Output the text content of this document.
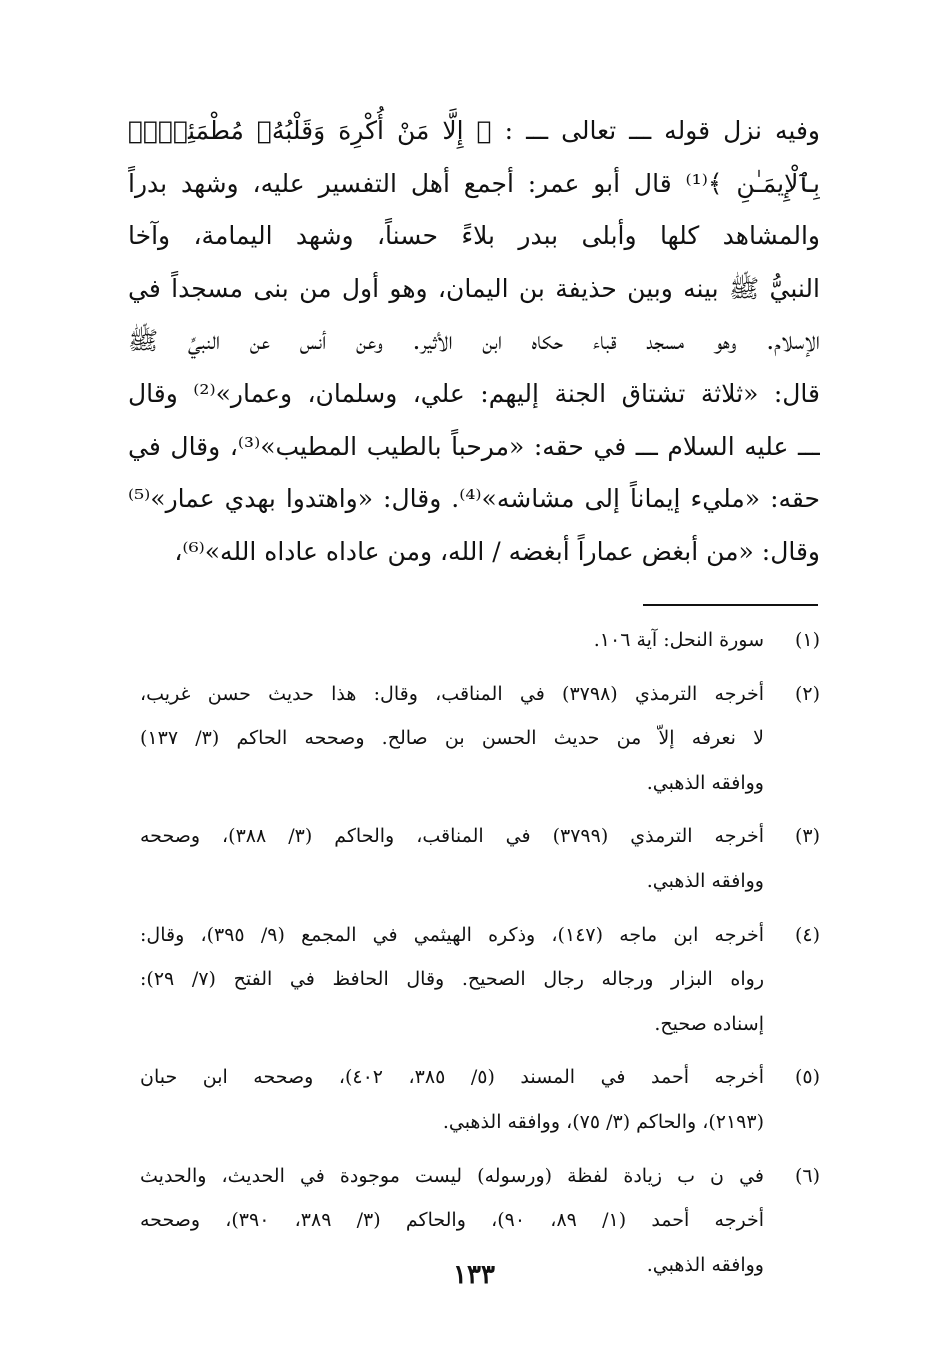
وفيه نزل قوله ـــ تعالى ـــ : ﴿ إِلَّا مَنْ أُكْرِهَ وَقَلْبُهُۥ مُطْمَئِنٌّۢ
بِٱلْإِيمَـٰنِ ﴾⁽¹⁾ قال أبو عمر: أجمع أهل التفسير عليه، وشهد بدراً
والمشاهد كلها وأبلى ببدر بلاءً حسناً، وشهد اليمامة، وآخا
النبيُّ ﷺ بينه وبين حذيفة بن اليمان، وهو أول من بنى مسجداً في
الإسلام. وهو مسجد قباء حكاه ابن الأثير. وعن أنس عن النبيِّ ﷺ
قال: «ثلاثة تشتاق الجنة إليهم: علي، وسلمان، وعمار»⁽²⁾ وقال
ـــ عليه السلام ـــ في حقه: «مرحباً بالطيب المطيب»⁽³⁾، وقال في
حقه: «مليء إيماناً إلى مشاشه»⁽⁴⁾. وقال: «واهتدوا بهدي عمار»⁽⁵⁾
وقال: «من أبغض عماراً أبغضه / الله، ومن عاداه عاداه الله»⁽⁶⁾،
(١)
سورة النحل: آية ١٠٦.
(٢)
أخرجه الترمذي (٣٧٩٨) في المناقب، وقال: هذا حديث حسن غريب،
لا نعرفه إلاّ من حديث الحسن بن صالح. وصححه الحاكم (٣/ ١٣٧)
ووافقه الذهبي.
(٣)
أخرجه الترمذي (٣٧٩٩) في المناقب، والحاكم (٣/ ٣٨٨)، وصححه
ووافقه الذهبي.
(٤)
أخرجه ابن ماجه (١٤٧)، وذكره الهيثمي في المجمع (٩/ ٣٩٥)، وقال:
رواه البزار ورجاله رجال الصحيح. وقال الحافظ في الفتح (٧/ ٢٩):
إسناده صحيح.
(٥)
أخرجه أحمد في المسند (٥/ ٣٨٥، ٤٠٢)، وصححه ابن حبان
(٢١٩٣)، والحاكم (٣/ ٧٥)، ووافقه الذهبي.
(٦)
في ن ب زيادة لفظة (ورسوله) ليست موجودة في الحديث، والحديث
أخرجه أحمد (١/ ٨٩، ٩٠)، والحاكم (٣/ ٣٨٩، ٣٩٠)، وصححه
ووافقه الذهبي.
١٣٣
